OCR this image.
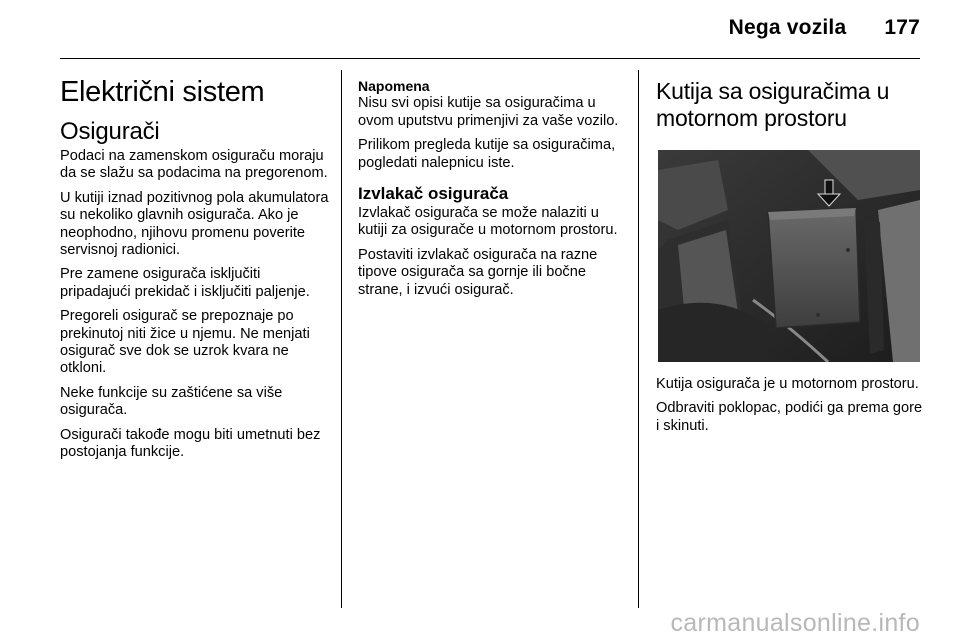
Nega vozila 177
Električni sistem
Osigurači

Podaci na zamenskom osiguraču moraju da se slažu sa podacima na pregorenom.

U kutiji iznad pozitivnog pola akumulatora su nekoliko glavnih osigurača. Ako je neophodno, njihovu promenu poverite servisnoj radionici.

Pre zamene osigurača isključiti pripadajući prekidač i isključiti paljenje.

Pregoreli osigurač se prepoznaje po prekinutoj niti žice u njemu. Ne menjati osigurač sve dok se uzrok kvara ne otkloni.

Neke funkcije su zaštićene sa više osigurača.

Osigurači takođe mogu biti umetnuti bez postojanja funkcije.

Napomena

Nisu svi opisi kutije sa osiguračima u ovom uputstvu primenjivi za vaše vozilo.

Prilikom pregleda kutije sa osiguračima, pogledati nalepnicu iste.

Izvlakač osigurača

Izvlakač osigurača se može nalaziti u kutiji za osigurače u motornom prostoru.

Postaviti izvlakač osigurača na razne tipove osigurača sa gornje ili bočne strane, i izvući osigurač.

Kutija sa osiguračima u motornom prostoru

Kutija osigurača je u motornom prostoru.

Odbraviti poklopac, podići ga prema gore i skinuti.

carmanualsonline.info
